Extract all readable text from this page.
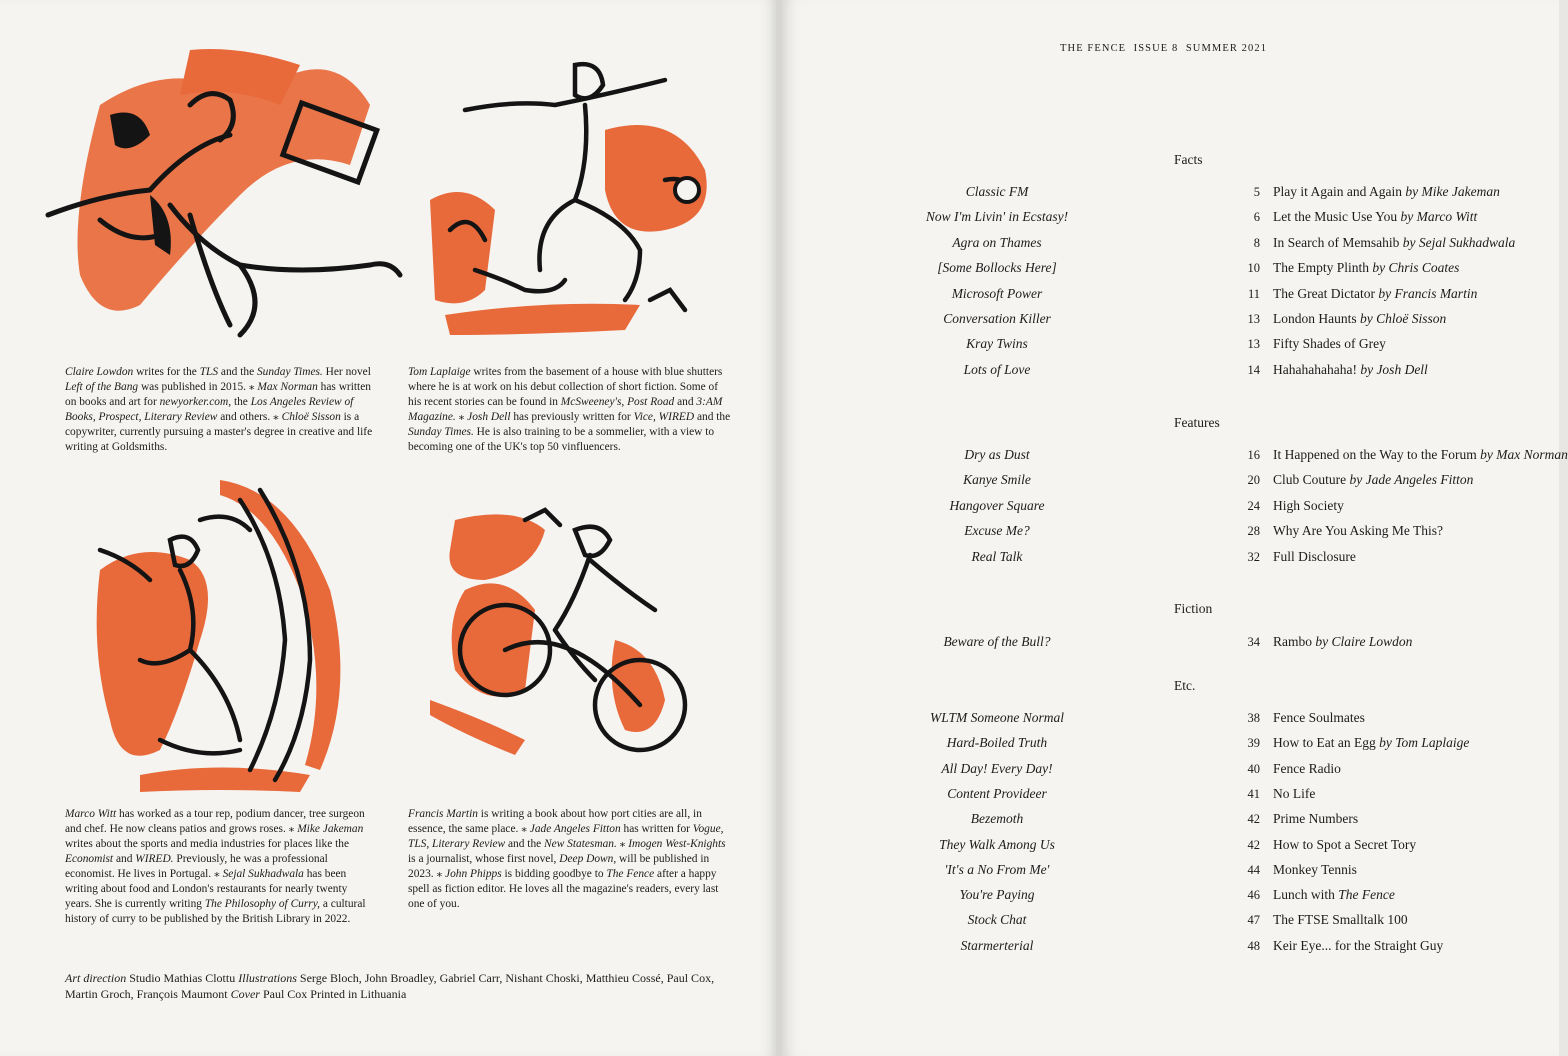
Claire Lowdon writes for the TLS and the Sunday Times. Her novel Left of the Bang was published in 2015. ⁎ Max Norman has written on books and art for newyorker.com, the Los Angeles Review of Books, Prospect, Literary Review and others. ⁎ Chloë Sisson is a copywriter, currently pursuing a master's degree in creative and life writing at Goldsmiths.

Tom Laplaige writes from the basement of a house with blue shutters where he is at work on his debut collection of short fiction. Some of his recent stories can be found in McSweeney's, Post Road and 3:AM Magazine. ⁎ Josh Dell has previously written for Vice, WIRED and the Sunday Times. He is also training to be a sommelier, with a view to becoming one of the UK's top 50 vinfluencers.

Marco Witt has worked as a tour rep, podium dancer, tree surgeon and chef. He now cleans patios and grows roses. ⁎ Mike Jakeman writes about the sports and media industries for places like the Economist and WIRED. Previously, he was a professional economist. He lives in Portugal. ⁎ Sejal Sukhadwala has been writing about food and London's restaurants for nearly twenty years. She is currently writing The Philosophy of Curry, a cultural history of curry to be published by the British Library in 2022.

Francis Martin is writing a book about how port cities are all, in essence, the same place. ⁎ Jade Angeles Fitton has written for Vogue, TLS, Literary Review and the New Statesman. ⁎ Imogen West-Knights is a journalist, whose first novel, Deep Down, will be published in 2023. ⁎ John Phipps is bidding goodbye to The Fence after a happy spell as fiction editor. He loves all the magazine's readers, every last one of you.

Art direction Studio Mathias Clottu Illustrations Serge Bloch, John Broadley, Gabriel Carr, Nishant Choski, Matthieu Cossé, Paul Cox, Martin Groch, François Maumont Cover Paul Cox Printed in Lithuania
THE FENCE  ISSUE 8  SUMMER 2021
Facts
Classic FM	5 Play it Again and Again by Mike Jakeman
Now I'm Livin' in Ecstasy!	6 Let the Music Use You by Marco Witt
Agra on Thames	8 In Search of Memsahib by Sejal Sukhadwala
[Some Bollocks Here]	10 The Empty Plinth by Chris Coates
Microsoft Power	11 The Great Dictator by Francis Martin
Conversation Killer	13 London Haunts by Chloë Sisson
Kray Twins	13 Fifty Shades of Grey
Lots of Love	14 Hahahahahaha! by Josh Dell
Features
Dry as Dust	16 It Happened on the Way to the Forum by Max Norman
Kanye Smile	20 Club Couture by Jade Angeles Fitton
Hangover Square	24 High Society
Excuse Me?	28 Why Are You Asking Me This?
Real Talk	32 Full Disclosure
Fiction
Beware of the Bull?	34 Rambo by Claire Lowdon
Etc.
WLTM Someone Normal	38 Fence Soulmates
Hard-Boiled Truth	39 How to Eat an Egg by Tom Laplaige
All Day! Every Day!	40 Fence Radio
Content Provideer	41 No Life
Bezemoth	42 Prime Numbers
They Walk Among Us	42 How to Spot a Secret Tory
'It's a No From Me'	44 Monkey Tennis
You're Paying	46 Lunch with The Fence
Stock Chat	47 The FTSE Smalltalk 100
Starmerterial	48 Keir Eye... for the Straight Guy
